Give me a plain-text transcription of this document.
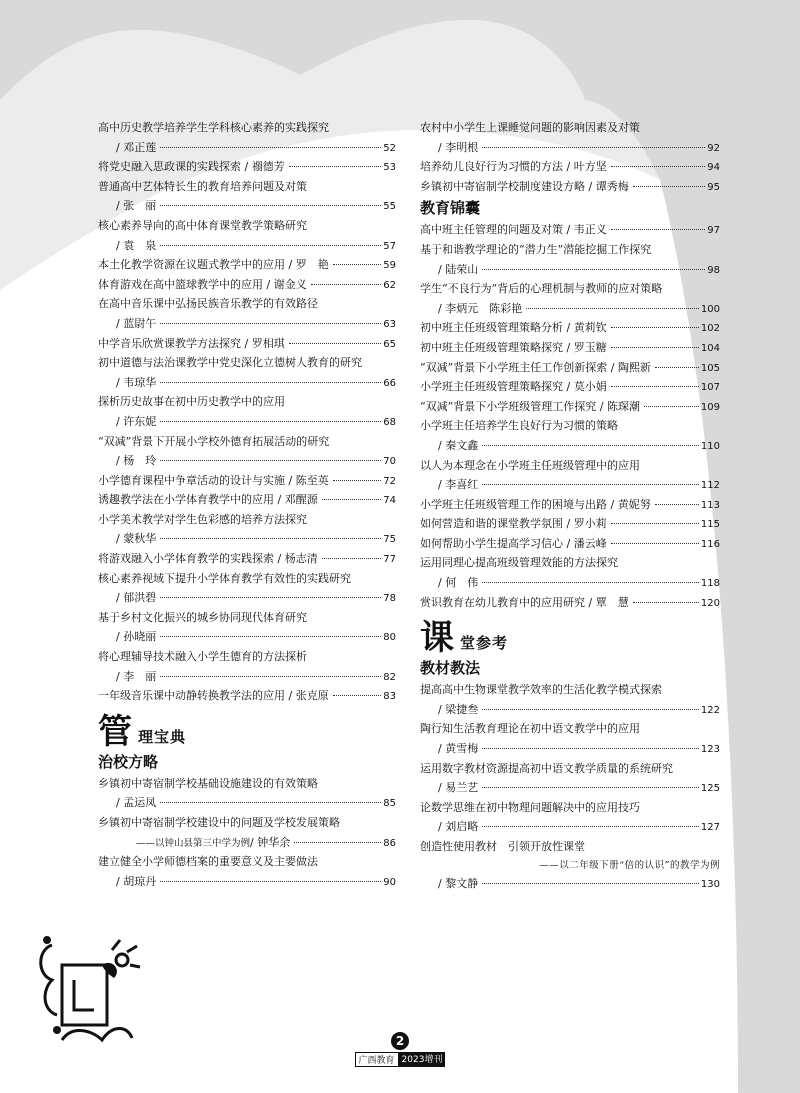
高中历史教学培养学生学科核心素养的实践探究
/ 邓正莲	52
将党史融入思政课的实践探索 / 禤德芳	53
普通高中艺体特长生的教育培养问题及对策
/ 张　丽	55
核心素养导向的高中体育课堂教学策略研究
/ 袁　泉	57
本土化教学资源在议题式教学中的应用 / 罗　艳	59
体育游戏在高中篮球教学中的应用 / 谢金义	62
在高中音乐课中弘扬民族音乐教学的有效路径
/ 蓝尉午	63
中学音乐欣赏课教学方法探究 / 罗相琪	65
初中道德与法治课教学中党史深化立德树人教育的研究
/ 韦琼华	66
探析历史故事在初中历史教学中的应用
/ 许东妮	68
“双减”背景下开展小学校外德育拓展活动的研究
/ 杨　玲	70
小学德育课程中争章活动的设计与实施 / 陈至英	72
诱趣教学法在小学体育教学中的应用 / 邓醒源	74
小学美术教学对学生色彩感的培养方法探究
/ 蒙秋华	75
将游戏融入小学体育教学的实践探索 / 杨志清	77
核心素养视域下提升小学体育教学有效性的实践研究
/ 郁洪碧	78
基于乡村文化振兴的城乡协同现代体育研究
/ 孙晓丽	80
将心理辅导技术融入小学生德育的方法探析
/ 李　丽	82
一年级音乐课中动静转换教学法的应用 / 张克原	83
管 理宝典
治校方略
乡镇初中寄宿制学校基础设施建设的有效策略
/ 孟运凤	85
乡镇初中寄宿制学校建设中的问题及学校发展策略
——以钟山县第三中学为例 / 钟华余	86
建立健全小学师德档案的重要意义及主要做法
/ 胡琼丹	90
农村中小学生上课睡觉问题的影响因素及对策
/ 李明根	92
培养幼儿良好行为习惯的方法 / 叶方坚	94
乡镇初中寄宿制学校制度建设方略 / 谭秀梅	95
教育锦囊
高中班主任管理的问题及对策 / 韦正义	97
基于和谐教学理论的“潜力生”潜能挖掘工作探究
/ 陆荣山	98
学生“不良行为”背后的心理机制与教师的应对策略
/ 李炳元　陈彩艳	100
初中班主任班级管理策略分析 / 黄莉钦	102
初中班主任班级管理策略探究 / 罗玉糖	104
“双减”背景下小学班主任工作创新探索 / 陶熙新	105
小学班主任班级管理策略探究 / 莫小娟	107
“双减”背景下小学班级管理工作探究 / 陈琛潮	109
小学班主任培养学生良好行为习惯的策略
/ 秦文鑫	110
以人为本理念在小学班主任班级管理中的应用
/ 李喜红	112
小学班主任班级管理工作的困境与出路 / 黄妮努	113
如何营造和谐的课堂教学氛围 / 罗小莉	115
如何帮助小学生提高学习信心 / 潘云峰	116
运用同理心提高班级管理效能的方法探究
/ 何　伟	118
赏识教育在幼儿教育中的应用研究 / 覃　慧	120
课 堂参考
教材教法
提高高中生物课堂教学效率的生活化教学模式探索
/ 梁捷叁	122
陶行知生活教育理论在初中语文教学中的应用
/ 黄雪梅	123
运用数字教材资源提高初中语文教学质量的系统研究
/ 易兰艺	125
论数学思维在初中物理问题解决中的应用技巧
/ 刘启略	127
创造性使用教材　引领开放性课堂
——以二年级下册“倍的认识”的教学为例
/ 黎文静	130
2
广西教育 2023增刊
